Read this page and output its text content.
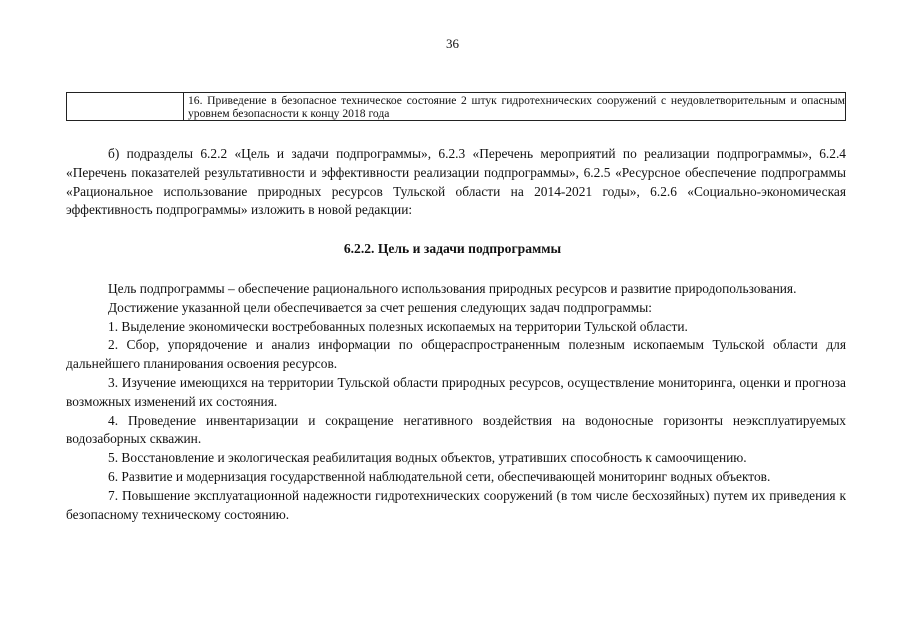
36
16. Приведение в безопасное техническое состояние 2 штук гидротехнических сооружений с неудовлетворительным и опасным уровнем безопасности к концу 2018 года
б) подразделы 6.2.2 «Цель и задачи подпрограммы», 6.2.3 «Перечень мероприятий по реализации подпрограммы», 6.2.4 «Перечень показателей результативности и эффективности реализации подпрограммы», 6.2.5 «Ресурсное обеспечение подпрограммы «Рациональное использование природных ресурсов Тульской области на 2014-2021 годы», 6.2.6 «Социально-экономическая эффективность подпрограммы» изложить в новой редакции:
6.2.2. Цель и задачи подпрограммы

Цель подпрограммы – обеспечение рационального использования природных ресурсов и развитие природопользования.

Достижение указанной цели обеспечивается за счет решения следующих задач подпрограммы:

1. Выделение экономически востребованных полезных ископаемых на территории Тульской области.

2. Сбор, упорядочение и анализ информации по общераспространенным полезным ископаемым Тульской области для дальнейшего планирования освоения ресурсов.

3. Изучение имеющихся на территории Тульской области природных ресурсов, осуществление мониторинга, оценки и прогноза возможных изменений их состояния.

4. Проведение инвентаризации и сокращение негативного воздействия на водоносные горизонты неэксплуатируемых водозаборных скважин.

5. Восстановление и экологическая реабилитация водных объектов, утративших способность к самоочищению.

6. Развитие и модернизация государственной наблюдательной сети, обеспечивающей мониторинг водных объектов.

7. Повышение эксплуатационной надежности гидротехнических сооружений (в том числе бесхозяйных) путем их приведения к безопасному техническому состоянию.
